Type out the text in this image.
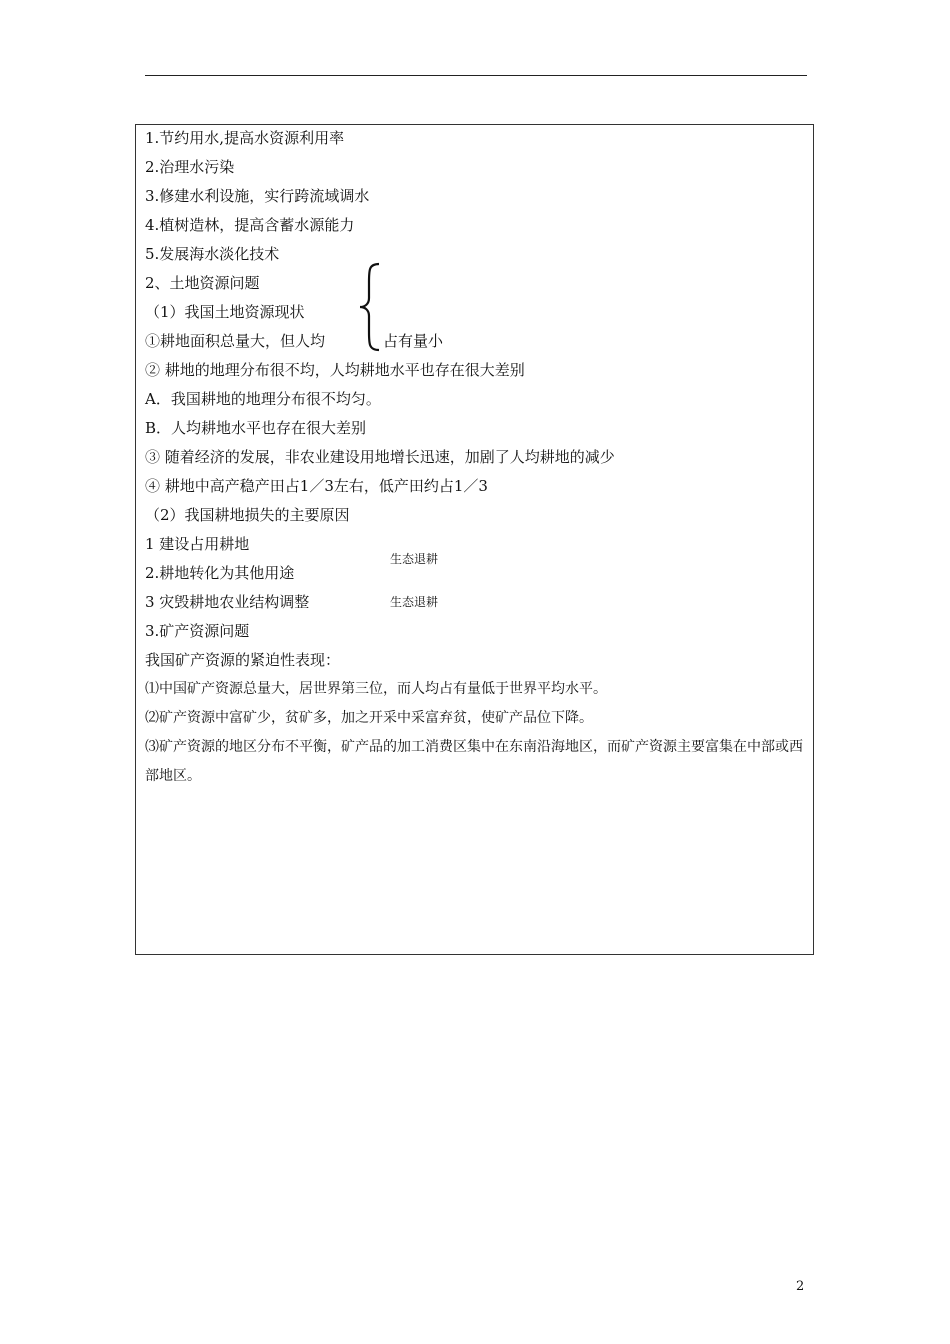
1.节约用水,提高水资源利用率
2.治理水污染
3.修建水利设施，实行跨流域调水
4.植树造林，提高含蓄水源能力
5.发展海水淡化技术
2、土地资源问题
（1）我国土地资源现状
①耕地面积总量大，但人均	占有量小
② 耕地的地理分布很不均，人均耕地水平也存在很大差别
A．我国耕地的地理分布很不均匀。
B．人均耕地水平也存在很大差别
③ 随着经济的发展，非农业建设用地增长迅速，加剧了人均耕地的减少
④ 耕地中高产稳产田占1／3左右，低产田约占1／3
（2）我国耕地损失的主要原因
1 建设占用耕地
生态退耕
2.耕地转化为其他用途
3 灾毁耕地农业结构调整	生态退耕
3.矿产资源问题
我国矿产资源的紧迫性表现：
⑴中国矿产资源总量大，居世界第三位，而人均占有量低于世界平均水平。
⑵矿产资源中富矿少，贫矿多，加之开采中采富弃贫，使矿产品位下降。
⑶矿产资源的地区分布不平衡，矿产品的加工消费区集中在东南沿海地区，而矿产资源主要富集在中部或西部地区。
2
